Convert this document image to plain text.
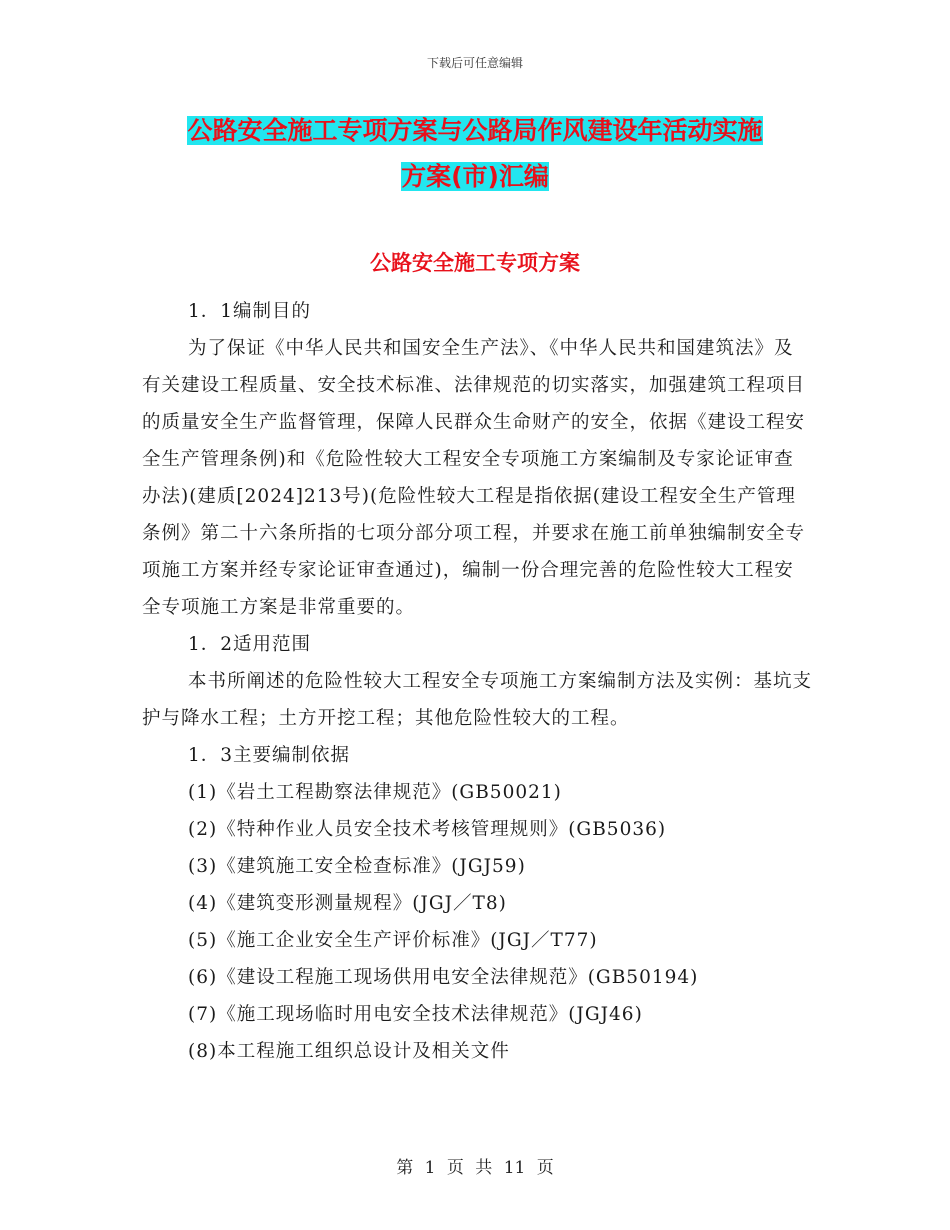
下载后可任意编辑
公路安全施工专项方案与公路局作风建设年活动实施
方案(市)汇编
公路安全施工专项方案

1．1编制目的

为了保证《中华人民共和国安全生产法》、《中华人民共和国建筑法》及有关建设工程质量、安全技术标准、法律规范的切实落实，加强建筑工程项目的质量安全生产监督管理，保障人民群众生命财产的安全，依据《建设工程安全生产管理条例)和《危险性较大工程安全专项施工方案编制及专家论证审查办法)(建质[2024]213号)(危险性较大工程是指依据(建设工程安全生产管理条例》第二十六条所指的七项分部分项工程，并要求在施工前单独编制安全专项施工方案并经专家论证审查通过)，编制一份合理完善的危险性较大工程安全专项施工方案是非常重要的。

1．2适用范围

本书所阐述的危险性较大工程安全专项施工方案编制方法及实例：基坑支护与降水工程；土方开挖工程；其他危险性较大的工程。

1．3主要编制依据

(1)《岩土工程勘察法律规范》(GB50021)

(2)《特种作业人员安全技术考核管理规则》(GB5036)

(3)《建筑施工安全检查标准》(JGJ59)

(4)《建筑变形测量规程》(JGJ／T8)

(5)《施工企业安全生产评价标准》(JGJ／T77)

(6)《建设工程施工现场供用电安全法律规范》(GB50194)

(7)《施工现场临时用电安全技术法律规范》(JGJ46)

(8)本工程施工组织总设计及相关文件

第 1 页 共 11 页
